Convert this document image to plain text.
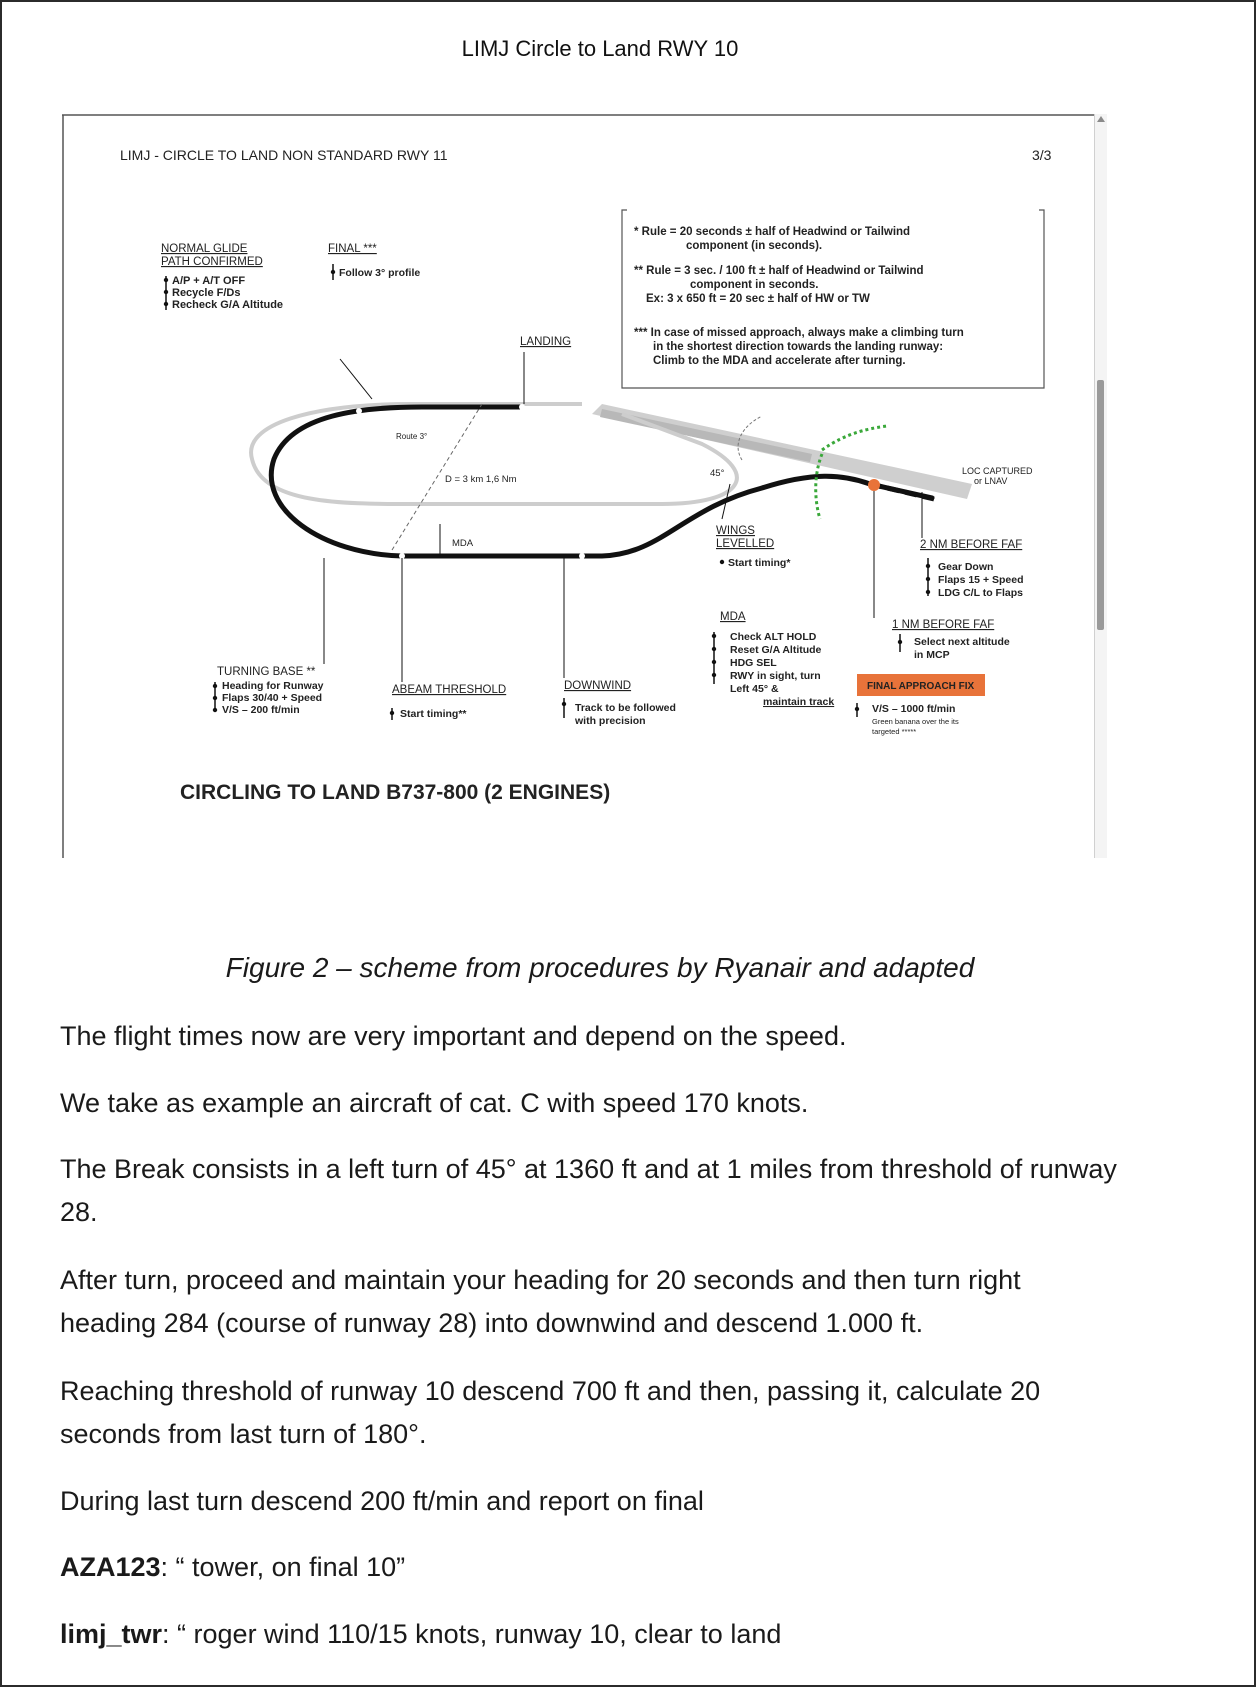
LIMJ Circle to Land RWY 10
LIMJ - CIRCLE TO LAND NON STANDARD RWY 11	3/3
* Rule = 20 seconds ± half of Headwind or Tailwind
component (in seconds).
** Rule = 3 sec. / 100 ft ± half of Headwind or Tailwind
component in seconds.
Ex: 3 x 650 ft = 20 sec ± half of HW or TW
*** In case of missed approach, always make a climbing turn
in the shortest direction towards the landing runway:
Climb to the MDA and accelerate after turning.
NORMAL GLIDE
PATH CONFIRMED
A/P + A/T OFF
Recycle F/Ds
Recheck G/A Altitude
FINAL ***
Follow 3° profile
LANDING
Route 3°
D = 3 km 1,6 Nm
MDA
45°	LOC CAPTURED
or LNAV
WINGS
LEVELLED
Start timing*
2 NM BEFORE FAF
Gear Down
Flaps 15 + Speed
LDG C/L to Flaps
MDA
Check ALT HOLD
Reset G/A Altitude
HDG SEL
RWY in sight, turn
Left 45° &
maintain track
1 NM BEFORE FAF
Select next altitude
in MCP
FINAL APPROACH FIX
V/S – 1000 ft/min
Green banana over the its
targeted *****
TURNING BASE **
Heading for Runway
Flaps 30/40 + Speed
V/S – 200 ft/min
ABEAM THRESHOLD
Start timing**
DOWNWIND
Track to be followed
with precision
CIRCLING TO LAND B737-800 (2 ENGINES)
Figure 2 – scheme from procedures by Ryanair and adapted
The flight times now are very important and depend on the speed.
We take as example an aircraft of cat. C with speed 170 knots.
The Break consists in a left turn of 45° at 1360 ft and at 1 miles from threshold of runway 28.
After turn, proceed and maintain your heading for 20 seconds and then turn right heading 284 (course of runway 28) into downwind and descend 1.000 ft.
Reaching threshold of runway 10 descend 700 ft and then, passing it, calculate 20 seconds from last turn of 180°.
During last turn descend 200 ft/min and report on final
AZA123: “ tower, on final 10”
limj_twr: “ roger wind 110/15 knots, runway 10, clear to land
